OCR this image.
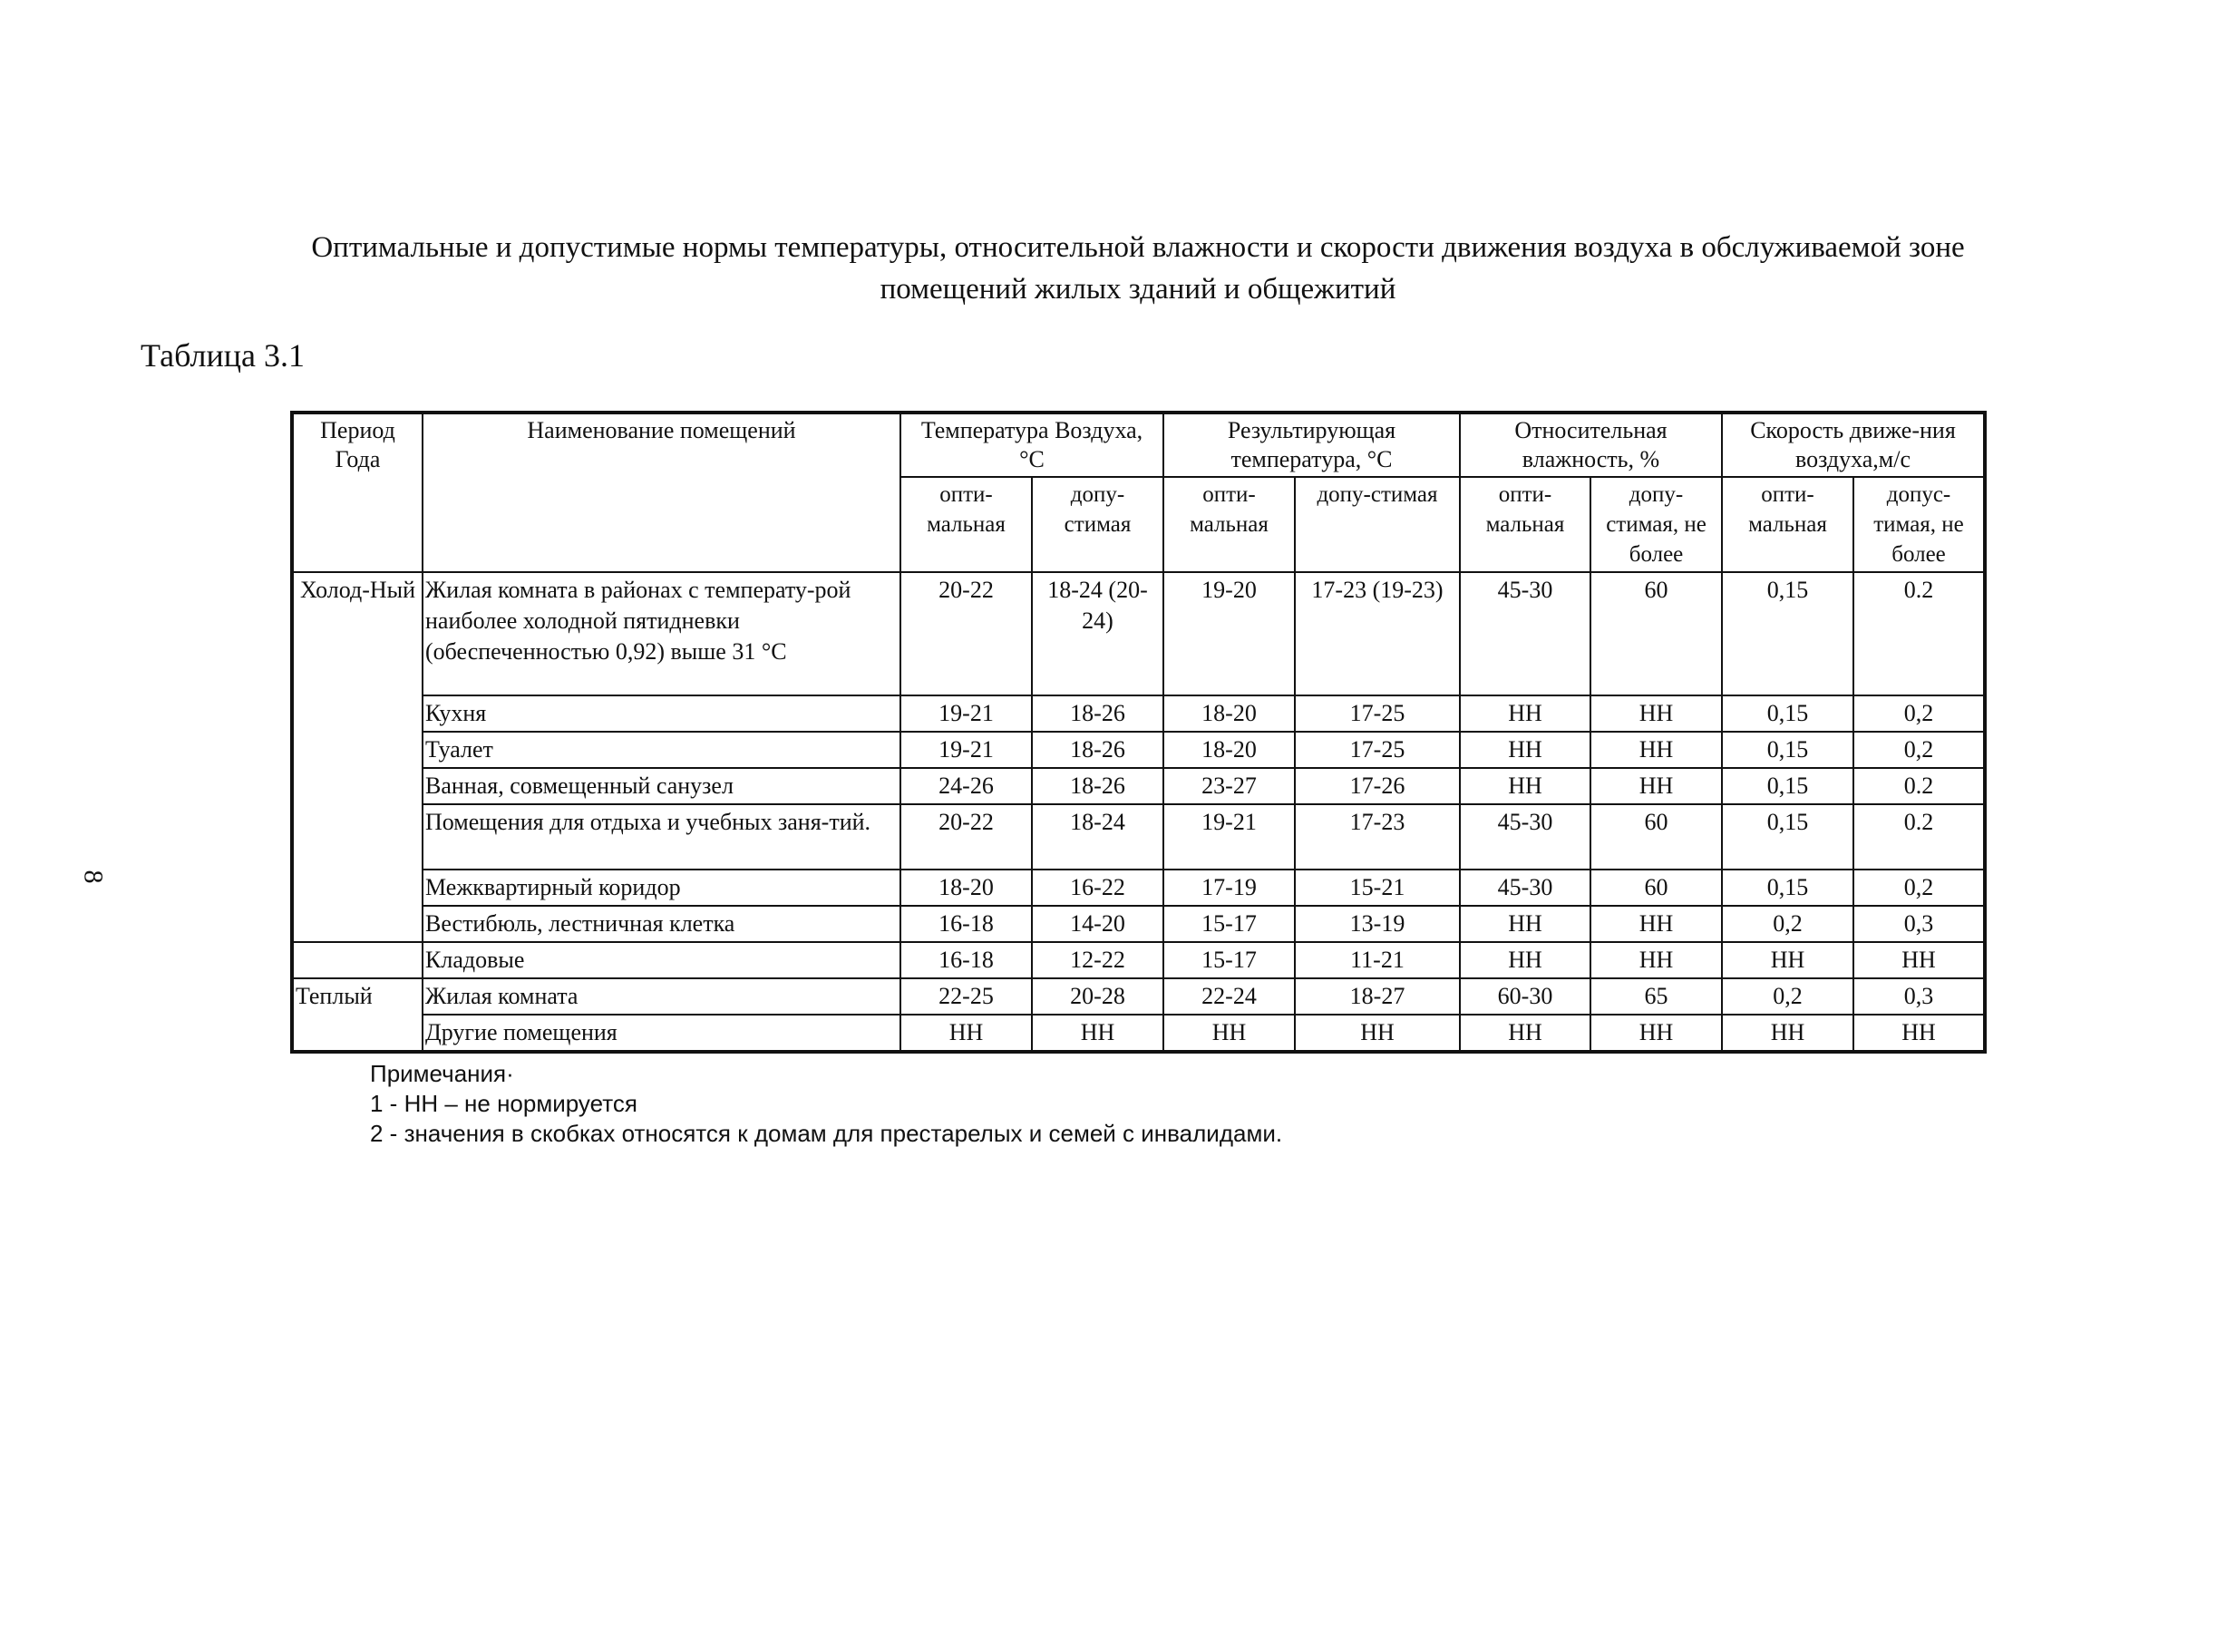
Оптимальные и допустимые нормы температуры, относительной влажности и скорости движения воздуха в обслуживаемой зоне
помещений жилых зданий и общежитий
Таблица 3.1
8
Период Года	Наименование помещений	Температура Воздуха, °С		Результирующая температура, °С		Относительная влажность, %		Скорость движе-ния воздуха,м/с	
		опти-мальная	допу-стимая	опти-мальная	допу-стимая	опти-мальная	допу-стимая, не более	опти-мальная	допус-тимая, не более
Холод-Ный	Жилая комната в районах с температу-рой наиболее холодной пятидневки (обеспеченностью 0,92) выше 31 °С	20-22	18-24 (20-24)	19-20	17-23 (19-23)	45-30	60	0,15	0.2
	Кухня	19-21	18-26	18-20	17-25	НН	НН	0,15	0,2
	Туалет	19-21	18-26	18-20	17-25	НН	НН	0,15	0,2
	Ванная, совмещенный санузел	24-26	18-26	23-27	17-26	НН	НН	0,15	0.2
	Помещения для отдыха и учебных заня-тий.	20-22	18-24	19-21	17-23	45-30	60	0,15	0.2
	Межквартирный коридор	18-20	16-22	17-19	15-21	45-30	60	0,15	0,2
	Вестибюль, лестничная клетка	16-18	14-20	15-17	13-19	НН	НН	0,2	0,3
	Кладовые	16-18	12-22	15-17	11-21	НН	НН	НН	НН
Теплый	Жилая комната	22-25	20-28	22-24	18-27	60-30	65	0,2	0,3
	Другие помещения	НН	НН	НН	НН	НН	НН	НН	НН
Примечания·
1 - НН – не нормируется
2 - значения в скобках относятся к домам для престарелых и семей с инвалидами.
